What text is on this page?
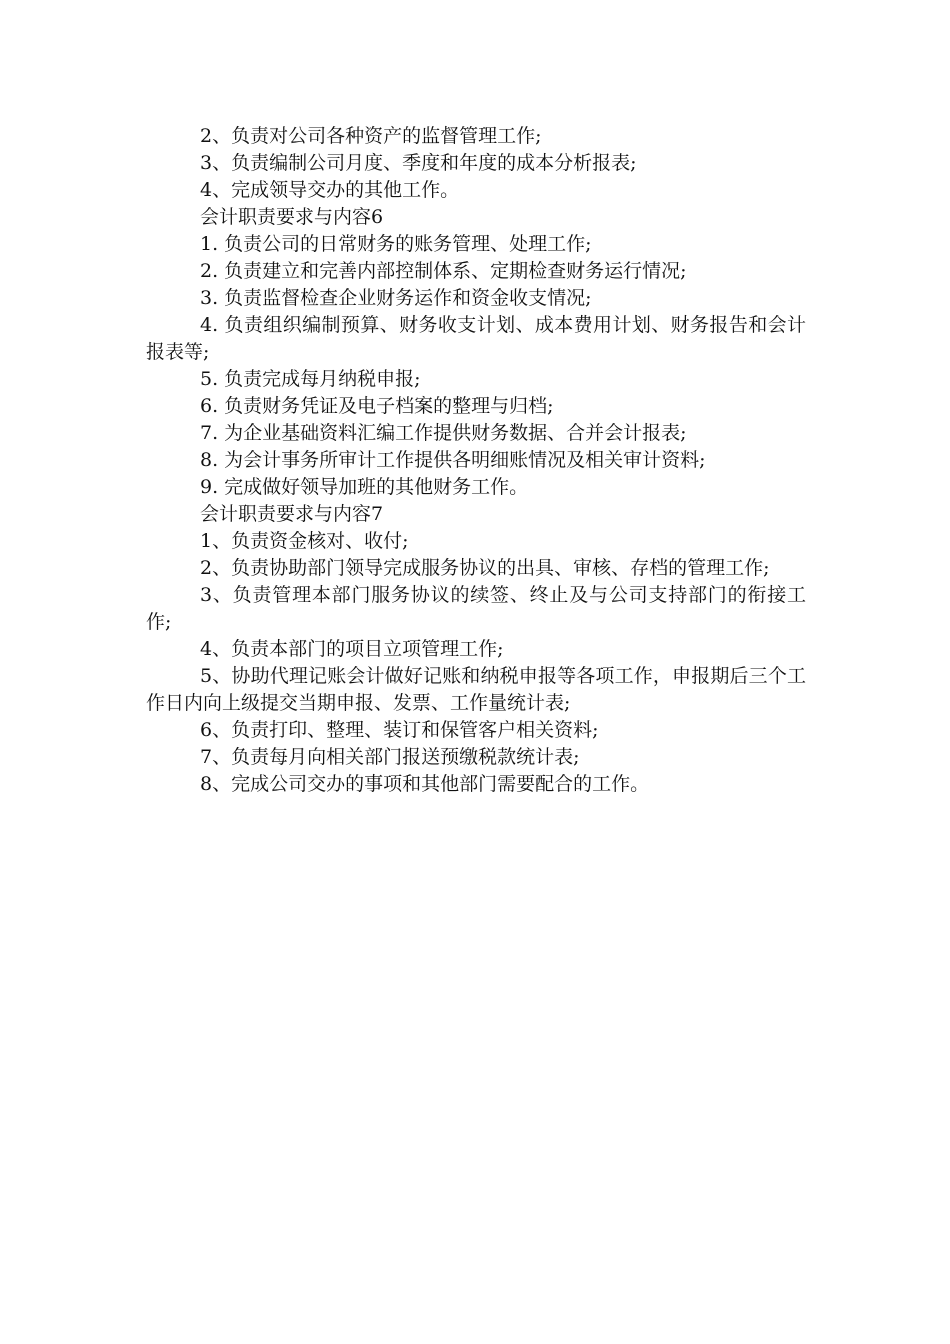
2、负责对公司各种资产的监督管理工作;

3、负责编制公司月度、季度和年度的成本分析报表;

4、完成领导交办的其他工作。

会计职责要求与内容6

1. 负责公司的日常财务的账务管理、处理工作;

2. 负责建立和完善内部控制体系、定期检查财务运行情况;

3. 负责监督检查企业财务运作和资金收支情况;

4. 负责组织编制预算、财务收支计划、成本费用计划、财务报告和会计报表等;

5. 负责完成每月纳税申报;

6. 负责财务凭证及电子档案的整理与归档;

7. 为企业基础资料汇编工作提供财务数据、合并会计报表;

8. 为会计事务所审计工作提供各明细账情况及相关审计资料;

9. 完成做好领导加班的其他财务工作。

会计职责要求与内容7

1、负责资金核对、收付;

2、负责协助部门领导完成服务协议的出具、审核、存档的管理工作;

3、负责管理本部门服务协议的续签、终止及与公司支持部门的衔接工作;

4、负责本部门的项目立项管理工作;

5、协助代理记账会计做好记账和纳税申报等各项工作，申报期后三个工作日内向上级提交当期申报、发票、工作量统计表;

6、负责打印、整理、装订和保管客户相关资料;

7、负责每月向相关部门报送预缴税款统计表;

8、完成公司交办的事项和其他部门需要配合的工作。
